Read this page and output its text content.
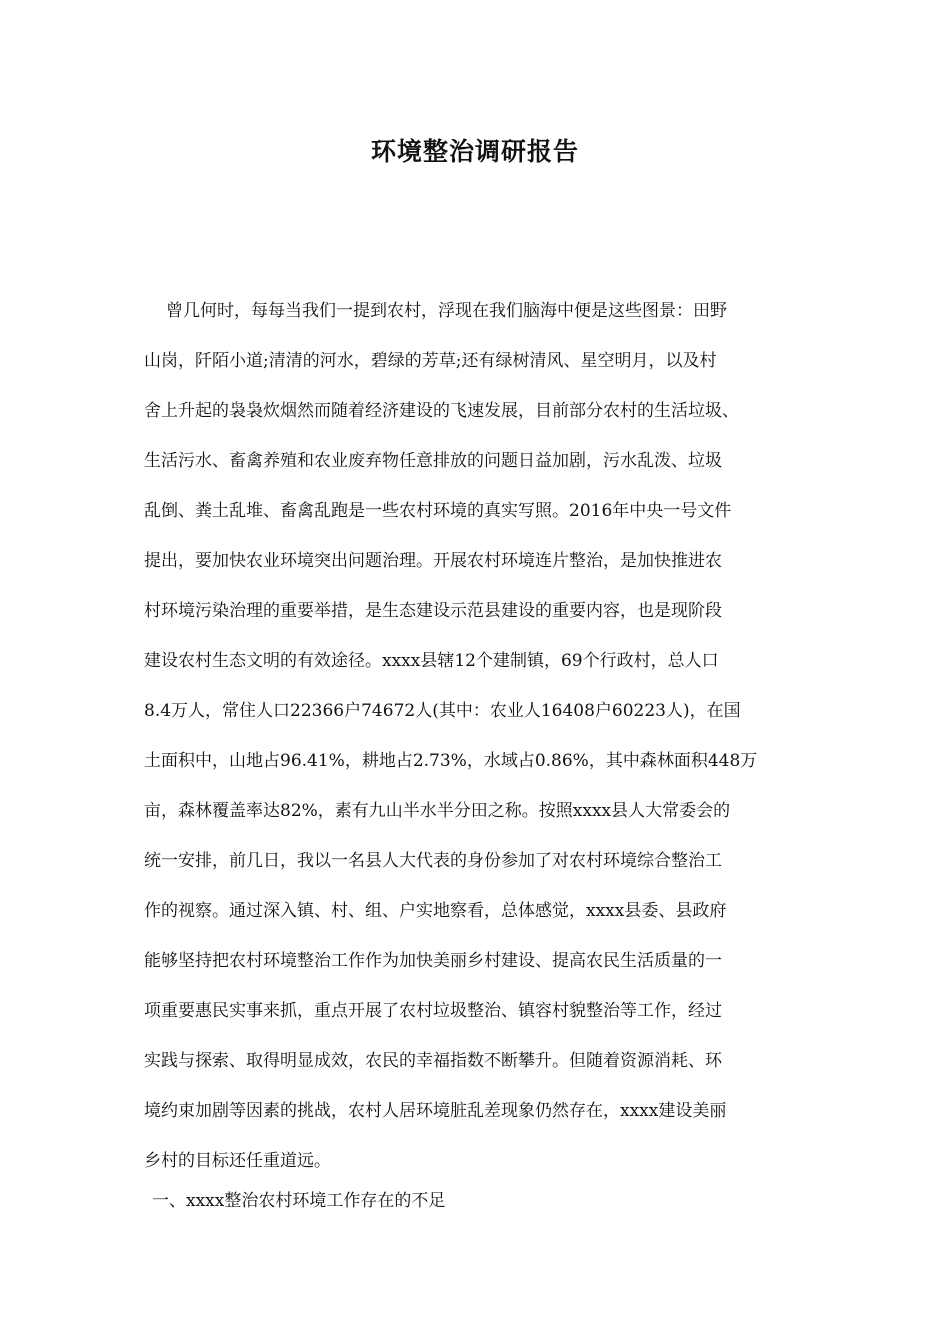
环境整治调研报告
曾几何时，每每当我们一提到农村，浮现在我们脑海中便是这些图景：田野
山岗，阡陌小道;清清的河水，碧绿的芳草;还有绿树清风、星空明月，以及村
舍上升起的袅袅炊烟然而随着经济建设的飞速发展，目前部分农村的生活垃圾、
生活污水、畜禽养殖和农业废弃物任意排放的问题日益加剧，污水乱泼、垃圾
乱倒、粪土乱堆、畜禽乱跑是一些农村环境的真实写照。2016年中央一号文件
提出，要加快农业环境突出问题治理。开展农村环境连片整治，是加快推进农
村环境污染治理的重要举措，是生态建设示范县建设的重要内容，也是现阶段
建设农村生态文明的有效途径。xxxx县辖12个建制镇，69个行政村，总人口
8.4万人，常住人口22366户74672人(其中：农业人16408户60223人)，在国
土面积中，山地占96.41%，耕地占2.73%，水域占0.86%，其中森林面积448万
亩，森林覆盖率达82%，素有九山半水半分田之称。按照xxxx县人大常委会的
统一安排，前几日，我以一名县人大代表的身份参加了对农村环境综合整治工
作的视察。通过深入镇、村、组、户实地察看，总体感觉，xxxx县委、县政府
能够坚持把农村环境整治工作作为加快美丽乡村建设、提高农民生活质量的一
项重要惠民实事来抓，重点开展了农村垃圾整治、镇容村貌整治等工作，经过
实践与探索、取得明显成效，农民的幸福指数不断攀升。但随着资源消耗、环
境约束加剧等因素的挑战，农村人居环境脏乱差现象仍然存在，xxxx建设美丽
乡村的目标还任重道远。

一、xxxx整治农村环境工作存在的不足
